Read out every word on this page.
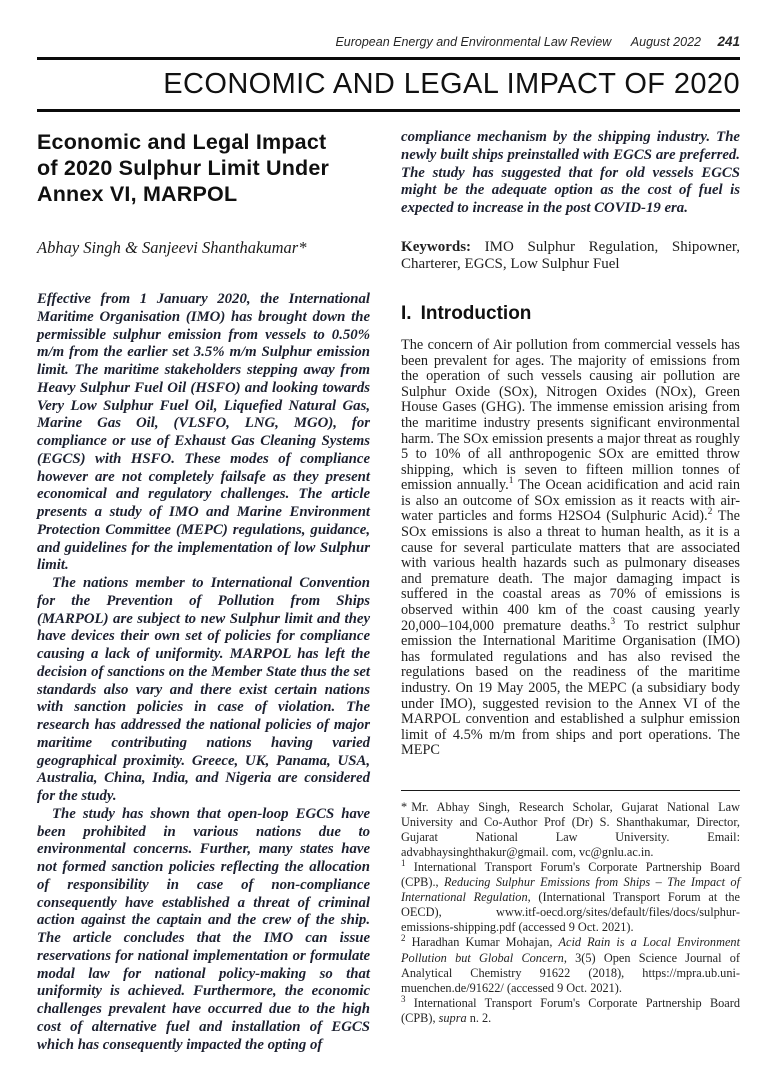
European Energy and Environmental Law Review August 2022 241
ECONOMIC AND LEGAL IMPACT OF 2020
Economic and Legal Impact
of 2020 Sulphur Limit Under
Annex VI, MARPOL

Abhay Singh & Sanjeevi Shanthakumar*

Effective from 1 January 2020, the International Maritime Organisation (IMO) has brought down the permissible sulphur emission from vessels to 0.50% m/m from the earlier set 3.5% m/m Sulphur emission limit. The maritime stakeholders stepping away from Heavy Sulphur Fuel Oil (HSFO) and looking towards Very Low Sulphur Fuel Oil, Liquefied Natural Gas, Marine Gas Oil, (VLSFO, LNG, MGO), for compliance or use of Exhaust Gas Cleaning Systems (EGCS) with HSFO. These modes of compliance however are not completely failsafe as they present economical and regulatory challenges. The article presents a study of IMO and Marine Environment Protection Committee (MEPC) regulations, guidance, and guidelines for the implementation of low Sulphur limit.

The nations member to International Convention for the Prevention of Pollution from Ships (MARPOL) are subject to new Sulphur limit and they have devices their own set of policies for compliance causing a lack of uniformity. MARPOL has left the decision of sanctions on the Member State thus the set standards also vary and there exist certain nations with sanction policies in case of violation. The research has addressed the national policies of major maritime contributing nations having varied geographical proximity. Greece, UK, Panama, USA, Australia, China, India, and Nigeria are considered for the study.

The study has shown that open-loop EGCS have been prohibited in various nations due to environmental concerns. Further, many states have not formed sanction policies reflecting the allocation of responsibility in case of non-compliance consequently have established a threat of criminal action against the captain and the crew of the ship. The article concludes that the IMO can issue reservations for national implementation or formulate modal law for national policy-making so that uniformity is achieved. Furthermore, the economic challenges prevalent have occurred due to the high cost of alternative fuel and installation of EGCS which has consequently impacted the opting of

compliance mechanism by the shipping industry. The newly built ships preinstalled with EGCS are preferred. The study has suggested that for old vessels EGCS might be the adequate option as the cost of fuel is expected to increase in the post COVID-19 era.

Keywords: IMO Sulphur Regulation, Shipowner, Charterer, EGCS, Low Sulphur Fuel

I. Introduction

The concern of Air pollution from commercial vessels has been prevalent for ages. The majority of emissions from the operation of such vessels causing air pollution are Sulphur Oxide (SOx), Nitrogen Oxides (NOx), Green House Gases (GHG). The immense emission arising from the maritime industry presents significant environmental harm. The SOx emission presents a major threat as roughly 5 to 10% of all anthropogenic SOx are emitted throw shipping, which is seven to fifteen million tonnes of emission annually.$^1$ The Ocean acidification and acid rain is also an outcome of SOx emission as it reacts with air-water particles and forms H2SO4 (Sulphuric Acid).$^2$ The SOx emissions is also a threat to human health, as it is a cause for several particulate matters that are associated with various health hazards such as pulmonary diseases and premature death. The major damaging impact is suffered in the coastal areas as 70% of emissions is observed within 400 km of the coast causing yearly 20,000–104,000 premature deaths.$^3$ To restrict sulphur emission the International Maritime Organisation (IMO) has formulated regulations and has also revised the regulations based on the readiness of the maritime industry. On 19 May 2005, the MEPC (a subsidiary body under IMO), suggested revision to the Annex VI of the MARPOL convention and established a sulphur emission limit of 4.5% m/m from ships and port operations. The MEPC

* Mr. Abhay Singh, Research Scholar, Gujarat National Law University and Co-Author Prof (Dr) S. Shanthakumar, Director, Gujarat National Law University. Email: advabhaysinghthakur@gmail. com, vc@gnlu.ac.in.

$^1$ International Transport Forum's Corporate Partnership Board (CPB)., Reducing Sulphur Emissions from Ships – The Impact of International Regulation, (International Transport Forum at the OECD), www.itf-oecd.org/sites/default/files/docs/sulphur-emissions-shipping.pdf (accessed 9 Oct. 2021).

$^2$ Haradhan Kumar Mohajan, Acid Rain is a Local Environment Pollution but Global Concern, 3(5) Open Science Journal of Analytical Chemistry 91622 (2018), https://mpra.ub.uni-muenchen.de/91622/ (accessed 9 Oct. 2021).

$^3$ International Transport Forum's Corporate Partnership Board (CPB), supra n. 2.
